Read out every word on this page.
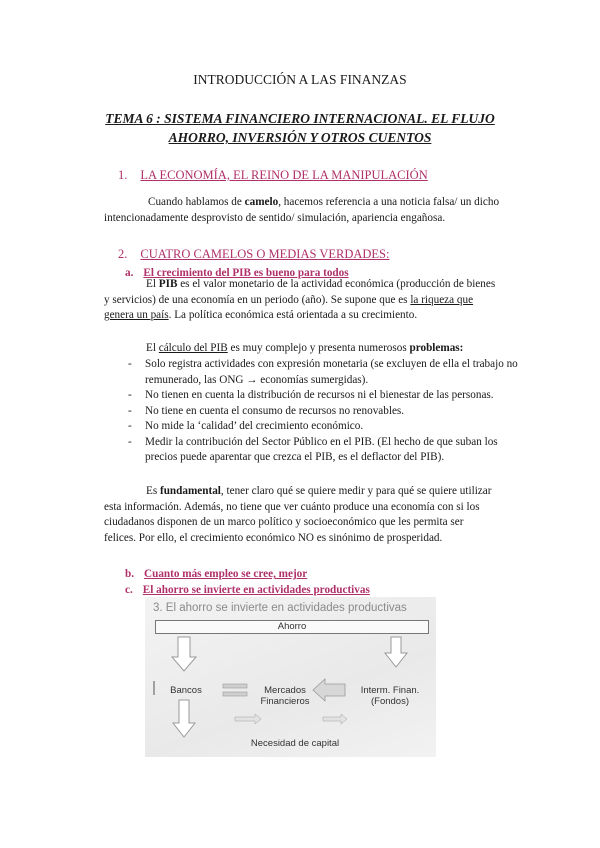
INTRODUCCIÓN A LAS FINANZAS

TEMA 6 : SISTEMA FINANCIERO INTERNACIONAL. EL FLUJO
AHORRO, INVERSIÓN Y OTROS CUENTOS
1. LA ECONOMÍA, EL REINO DE LA MANIPULACIÓN
Cuando hablamos de camelo, hacemos referencia a una noticia falsa/ un dicho
intencionadamente desprovisto de sentido/ simulación, apariencia engañosa.
2. CUATRO CAMELOS O MEDIAS VERDADES:
a. El crecimiento del PIB es bueno para todos
El PIB es el valor monetario de la actividad económica (producción de bienes
y servicios) de una economía en un periodo (año). Se supone que es la riqueza que
genera un país. La política económica está orientada a su crecimiento.
El cálculo del PIB es muy complejo y presenta numerosos problemas:
- Solo registra actividades con expresión monetaria (se excluyen de ella el trabajo no remunerado, las ONG → economías sumergidas).
- No tienen en cuenta la distribución de recursos ni el bienestar de las personas.
- No tiene en cuenta el consumo de recursos no renovables.
- No mide la ‘calidad’ del crecimiento económico.
- Medir la contribución del Sector Público en el PIB. (El hecho de que suban los precios puede aparentar que crezca el PIB, es el deflactor del PIB).
Es fundamental, tener claro qué se quiere medir y para qué se quiere utilizar
esta información. Además, no tiene que ver cuánto produce una economía con si los
ciudadanos disponen de un marco político y socioeconómico que les permita ser
felices. Por ello, el crecimiento económico NO es sinónimo de prosperidad.
b. Cuanto más empleo se cree, mejor
c. El ahorro se invierte en actividades productivas
3. El ahorro se invierte en actividades productivas
Ahorro
Bancos	Mercados
Financieros
Interm. Finan.
(Fondos)
Necesidad de capital
